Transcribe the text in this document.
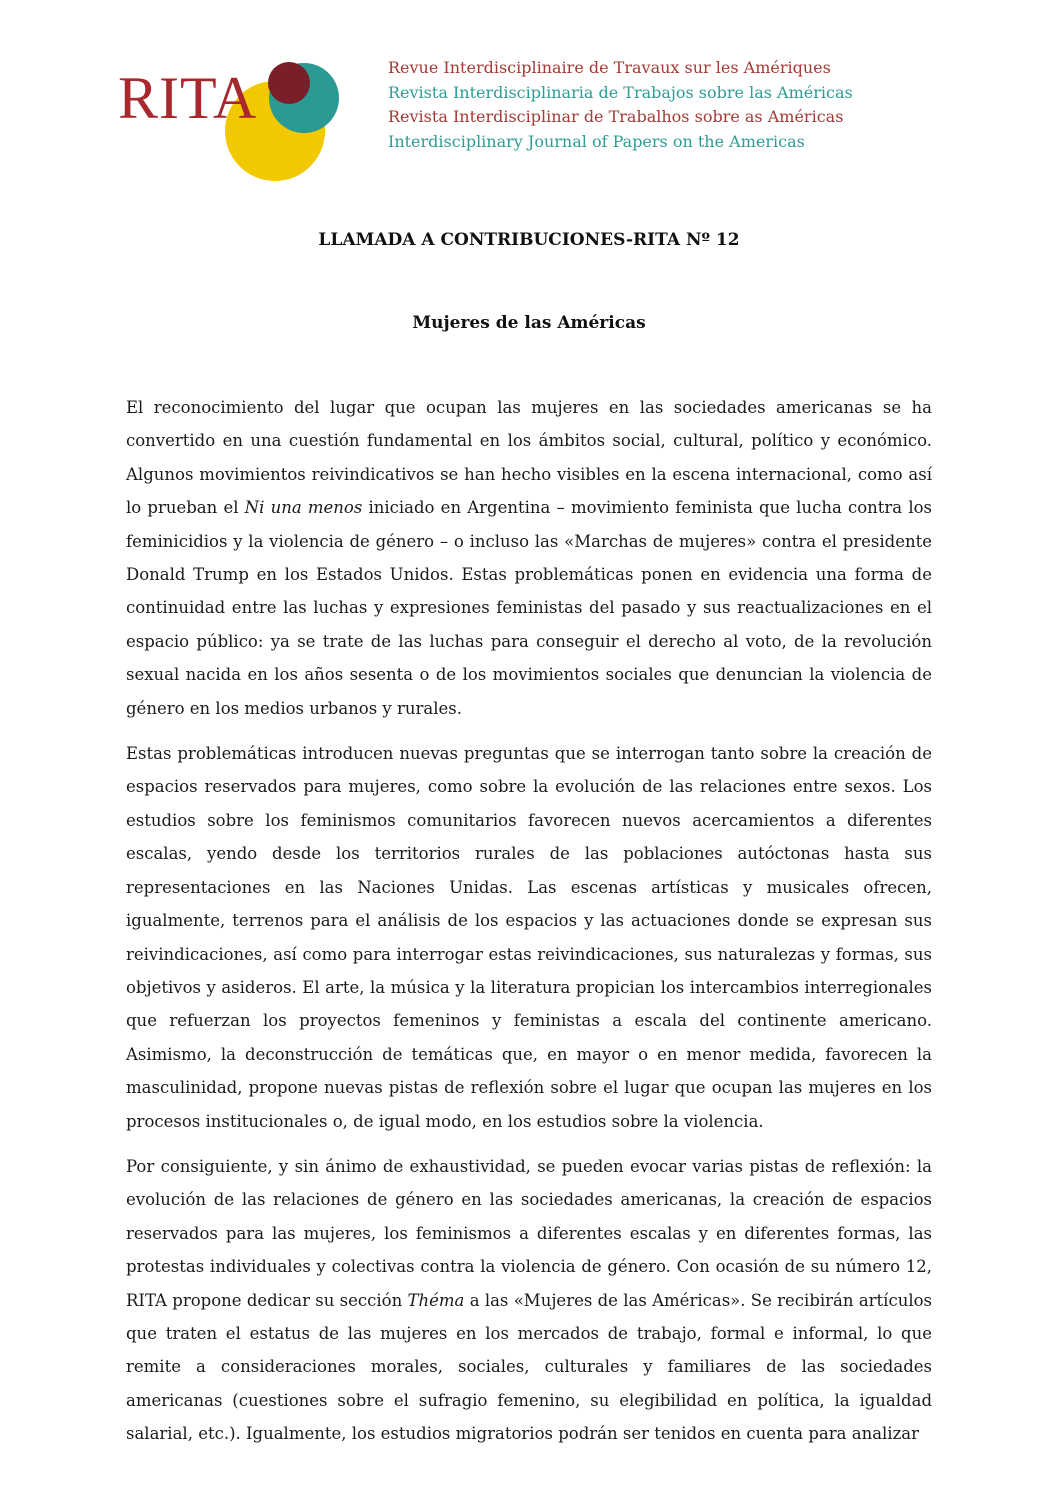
RITA	Revue Interdisciplinaire de Travaux sur les Amériques
Revista Interdisciplinaria de Trabajos sobre las Américas
Revista Interdisciplinar de Trabalhos sobre as Américas
Interdisciplinary Journal of Papers on the Americas
LLAMADA A CONTRIBUCIONES-RITA Nº 12
Mujeres de las Américas

El reconocimiento del lugar que ocupan las mujeres en las sociedades americanas se ha convertido en una cuestión fundamental en los ámbitos social, cultural, político y económico. Algunos movimientos reivindicativos se han hecho visibles en la escena internacional, como así lo prueban el Ni una menos iniciado en Argentina – movimiento feminista que lucha contra los feminicidios y la violencia de género – o incluso las «Marchas de mujeres» contra el presidente Donald Trump en los Estados Unidos. Estas problemáticas ponen en evidencia una forma de continuidad entre las luchas y expresiones feministas del pasado y sus reactualizaciones en el espacio público: ya se trate de las luchas para conseguir el derecho al voto, de la revolución sexual nacida en los años sesenta o de los movimientos sociales que denuncian la violencia de género en los medios urbanos y rurales.

Estas problemáticas introducen nuevas preguntas que se interrogan tanto sobre la creación de espacios reservados para mujeres, como sobre la evolución de las relaciones entre sexos. Los estudios sobre los feminismos comunitarios favorecen nuevos acercamientos a diferentes escalas, yendo desde los territorios rurales de las poblaciones autóctonas hasta sus representaciones en las Naciones Unidas. Las escenas artísticas y musicales ofrecen, igualmente, terrenos para el análisis de los espacios y las actuaciones donde se expresan sus reivindicaciones, así como para interrogar estas reivindicaciones, sus naturalezas y formas, sus objetivos y asideros. El arte, la música y la literatura propician los intercambios interregionales que refuerzan los proyectos femeninos y feministas a escala del continente americano. Asimismo, la deconstrucción de temáticas que, en mayor o en menor medida, favorecen la masculinidad, propone nuevas pistas de reflexión sobre el lugar que ocupan las mujeres en los procesos institucionales o, de igual modo, en los estudios sobre la violencia.

Por consiguiente, y sin ánimo de exhaustividad, se pueden evocar varias pistas de reflexión: la evolución de las relaciones de género en las sociedades americanas, la creación de espacios reservados para las mujeres, los feminismos a diferentes escalas y en diferentes formas, las protestas individuales y colectivas contra la violencia de género. Con ocasión de su número 12, RITA propone dedicar su sección Théma a las «Mujeres de las Américas». Se recibirán artículos que traten el estatus de las mujeres en los mercados de trabajo, formal e informal, lo que remite a consideraciones morales, sociales, culturales y familiares de las sociedades americanas (cuestiones sobre el sufragio femenino, su elegibilidad en política, la igualdad salarial, etc.). Igualmente, los estudios migratorios podrán ser tenidos en cuenta para analizar
